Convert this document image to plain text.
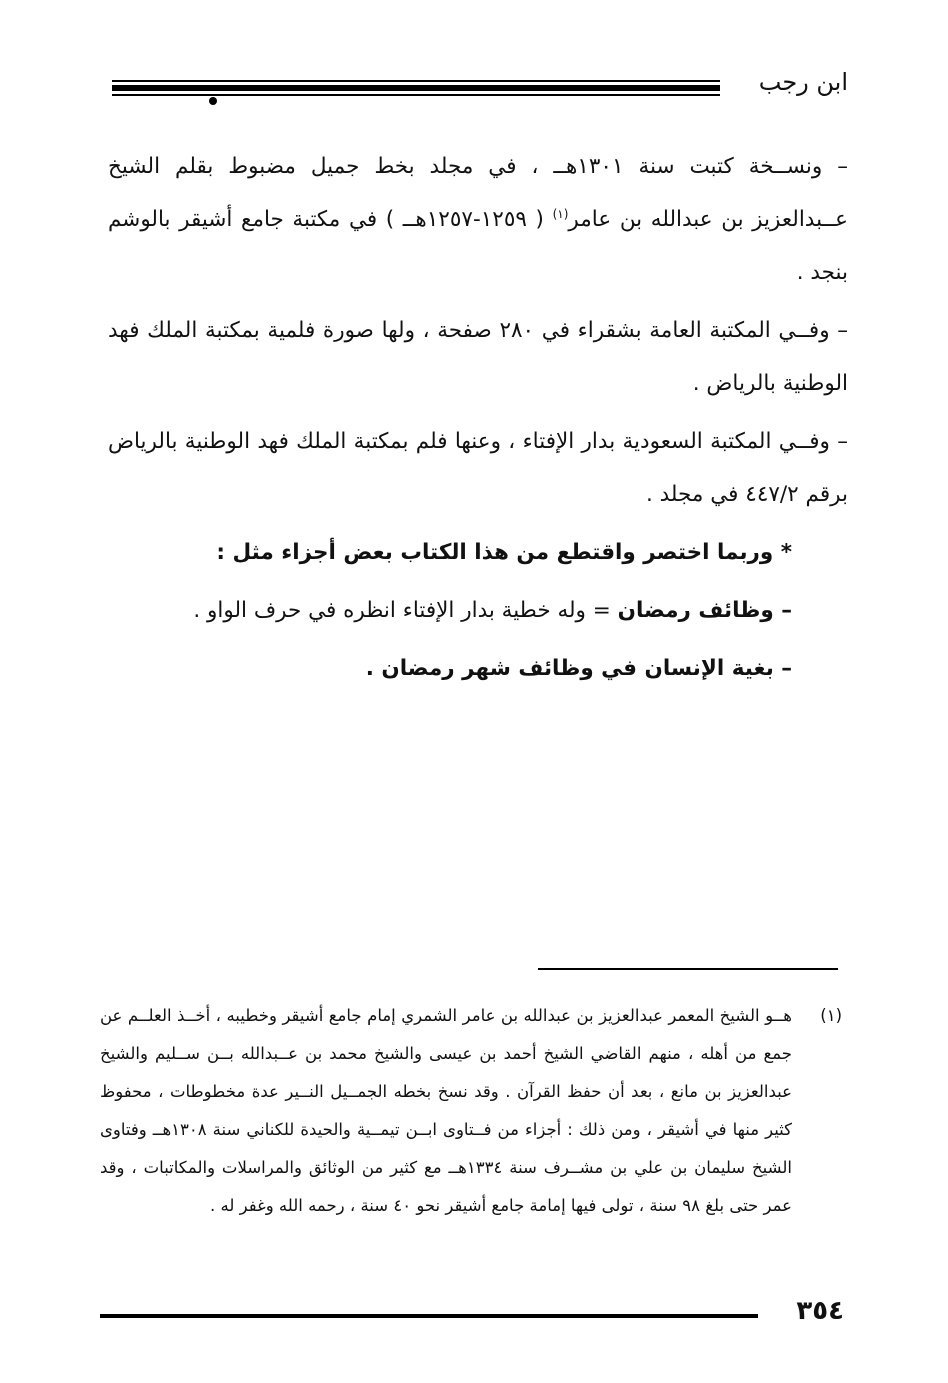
ابن رجب

– ونســخة كتبت سنة ١٣٠١هــ ، في مجلد بخط جميل مضبوط بقلم الشيخ عــبدالعزيز بن عبدالله بن عامر$^{(١)}$ ( ١٢٥٩-١٢٥٧هــ ) في مكتبة جامع أشيقر بالوشم بنجد .

– وفــي المكتبة العامة بشقراء في ٢٨٠ صفحة ، ولها صورة فلمية بمكتبة الملك فهد الوطنية بالرياض .

– وفــي المكتبة السعودية بدار الإفتاء ، وعنها فلم بمكتبة الملك فهد الوطنية بالرياض برقم ٤٤٧/٢ في مجلد .

* وربما اختصر واقتطع من هذا الكتاب بعض أجزاء مثل :

– وظائف رمضان = وله خطية بدار الإفتاء انظره في حرف الواو .

– بغية الإنسان في وظائف شهر رمضان .

(١)
هــو الشيخ المعمر عبدالعزيز بن عبدالله بن عامر الشمري إمام جامع أشيقر وخطيبه ، أخــذ العلــم عن جمع من أهله ، منهم القاضي الشيخ أحمد بن عيسى والشيخ محمد بن عــبدالله بــن ســليم والشيخ عبدالعزيز بن مانع ، بعد أن حفظ القرآن . وقد نسخ بخطه الجمــيل النــير عدة مخطوطات ، محفوظ كثير منها في أشيقر ، ومن ذلك : أجزاء من فــتاوى ابــن تيمــية والحيدة للكناني سنة ١٣٠٨هــ وفتاوى الشيخ سليمان بن علي بن مشــرف سنة ١٣٣٤هــ مع كثير من الوثائق والمراسلات والمكاتبات ، وقد عمر حتى بلغ ٩٨ سنة ، تولى فيها إمامة جامع أشيقر نحو ٤٠ سنة ، رحمه الله وغفر له .
٣٥٤
